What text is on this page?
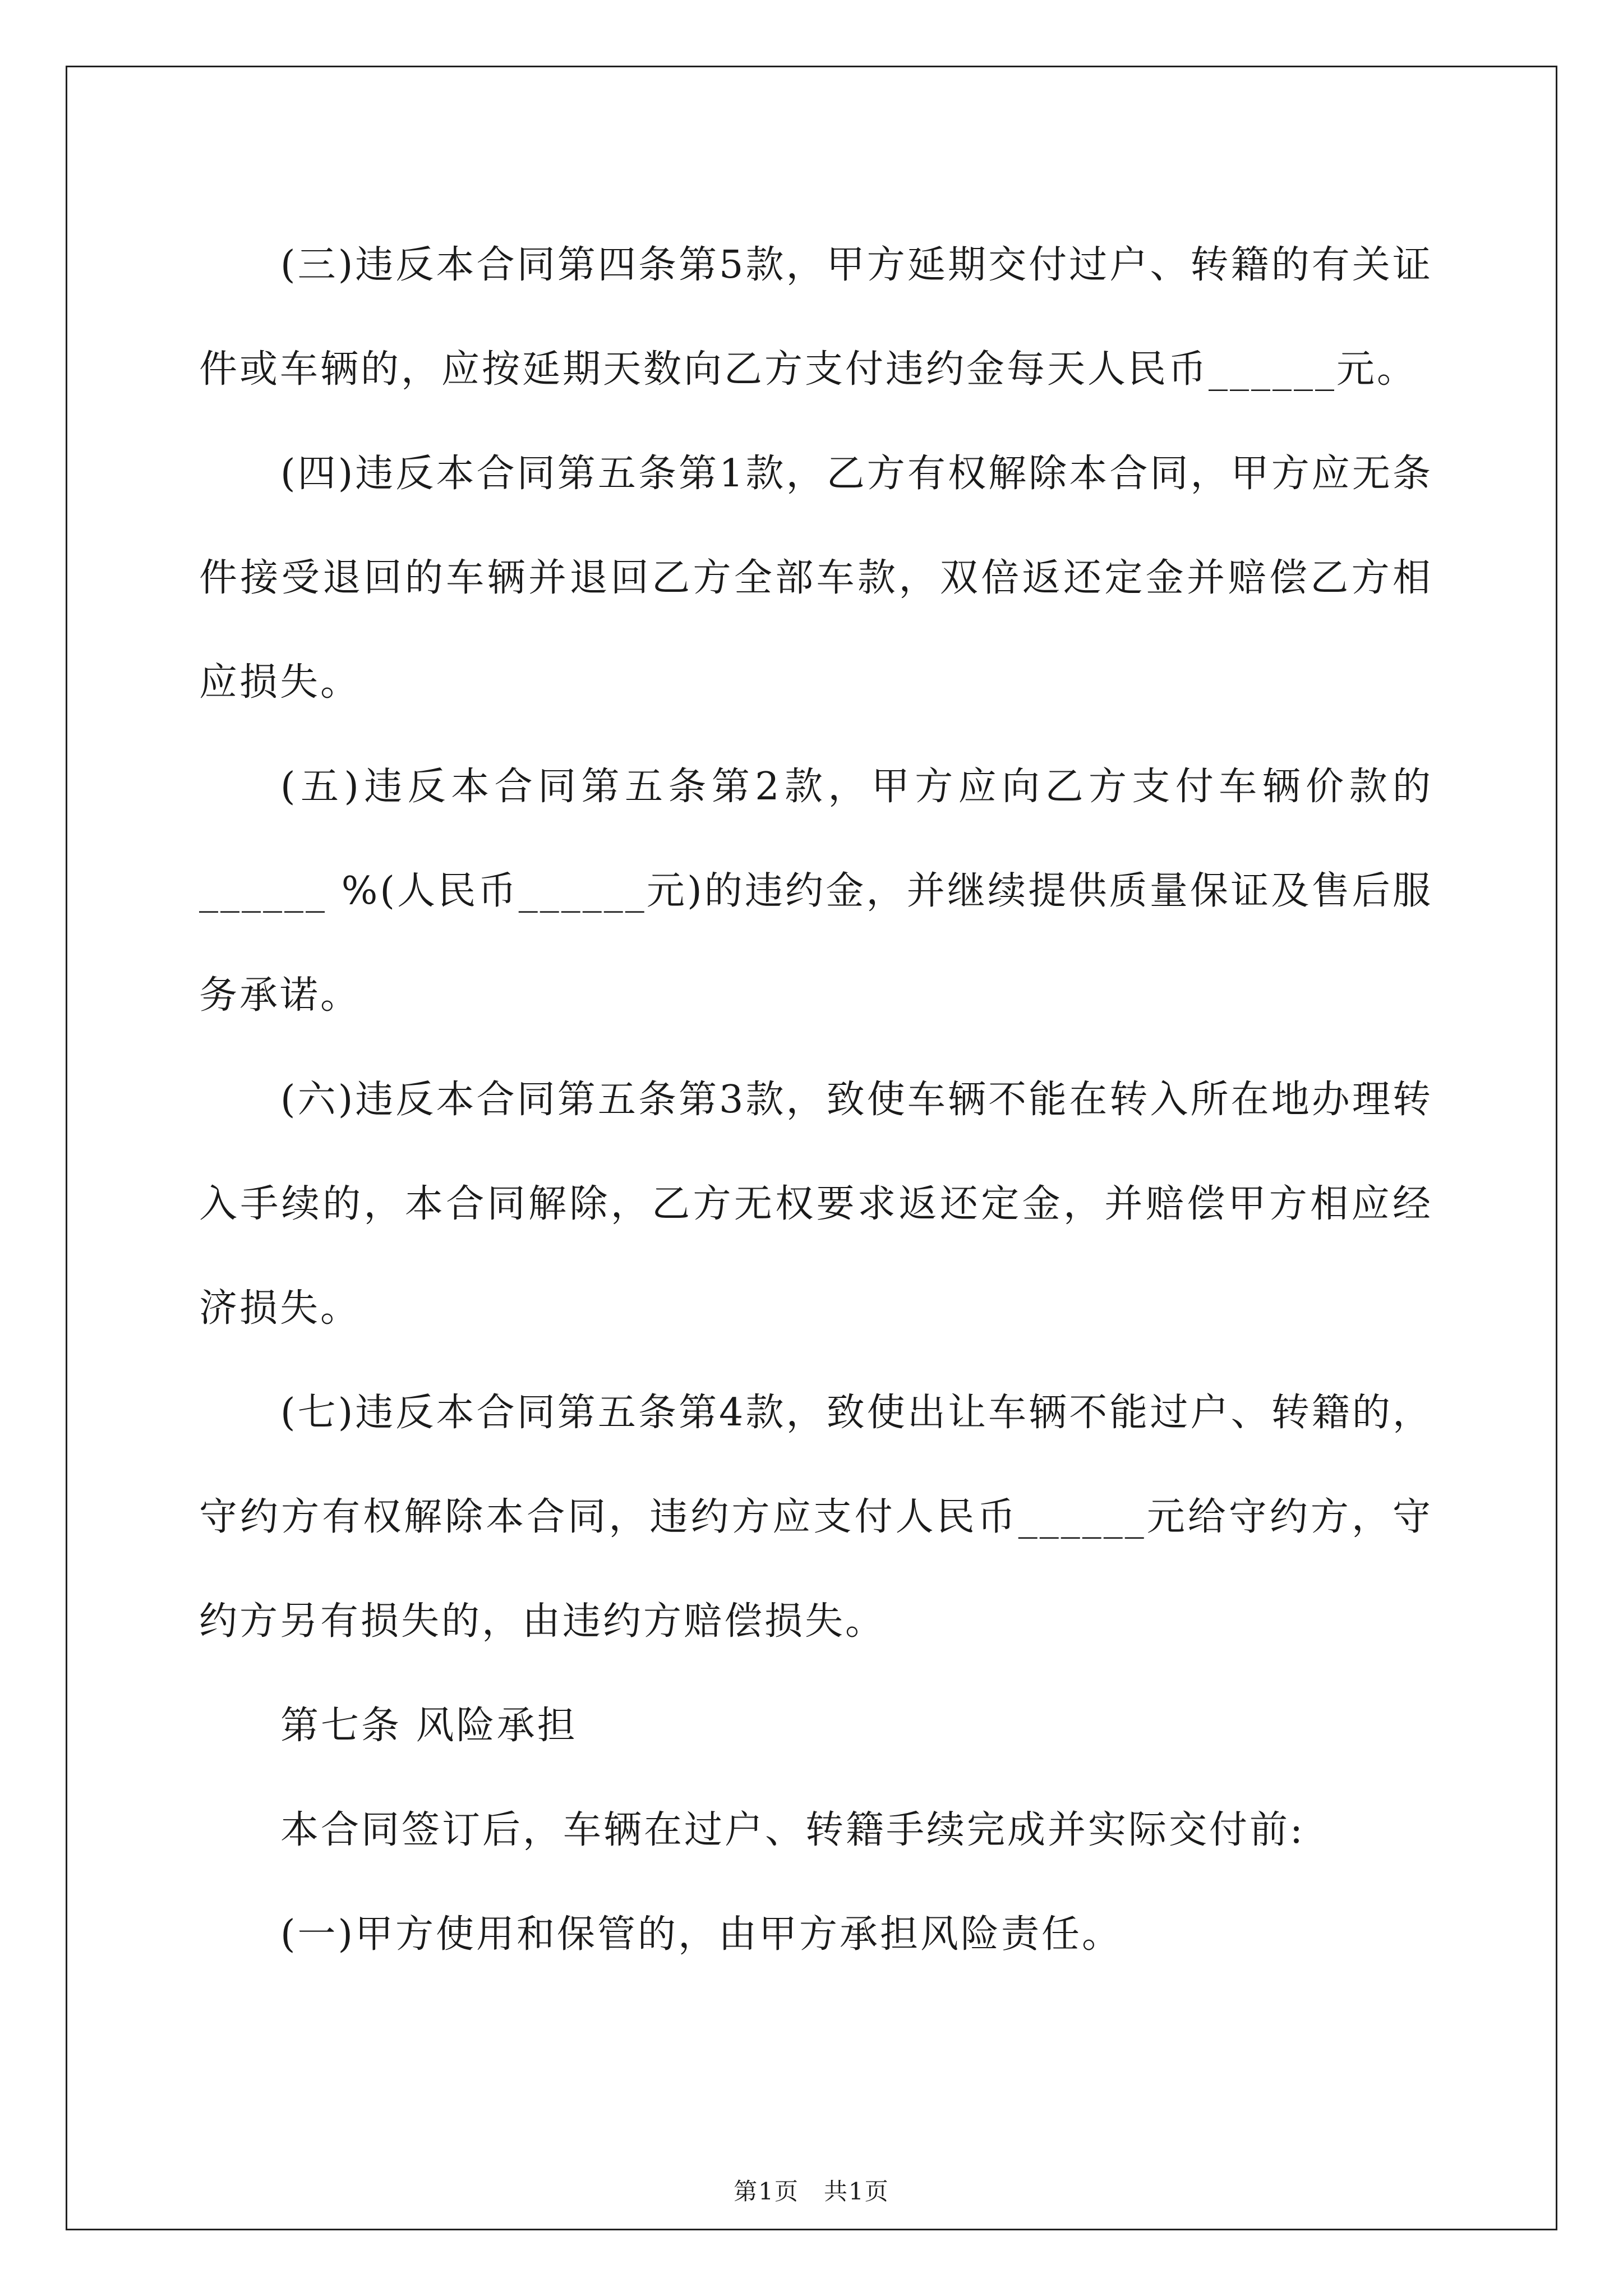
(三)违反本合同第四条第5款，甲方延期交付过户、转籍的有关证件或车辆的，应按延期天数向乙方支付违约金每天人民币______元。

(四)违反本合同第五条第1款，乙方有权解除本合同，甲方应无条件接受退回的车辆并退回乙方全部车款，双倍返还定金并赔偿乙方相应损失。

(五)违反本合同第五条第2款，甲方应向乙方支付车辆价款的______ %(人民币______元)的违约金，并继续提供质量保证及售后服务承诺。

(六)违反本合同第五条第3款，致使车辆不能在转入所在地办理转入手续的，本合同解除，乙方无权要求返还定金，并赔偿甲方相应经济损失。

(七)违反本合同第五条第4款，致使出让车辆不能过户、转籍的，守约方有权解除本合同，违约方应支付人民币______元给守约方，守约方另有损失的，由违约方赔偿损失。

第七条 风险承担

本合同签订后，车辆在过户、转籍手续完成并实际交付前:

(一)甲方使用和保管的，由甲方承担风险责任。

第1页　共1页
